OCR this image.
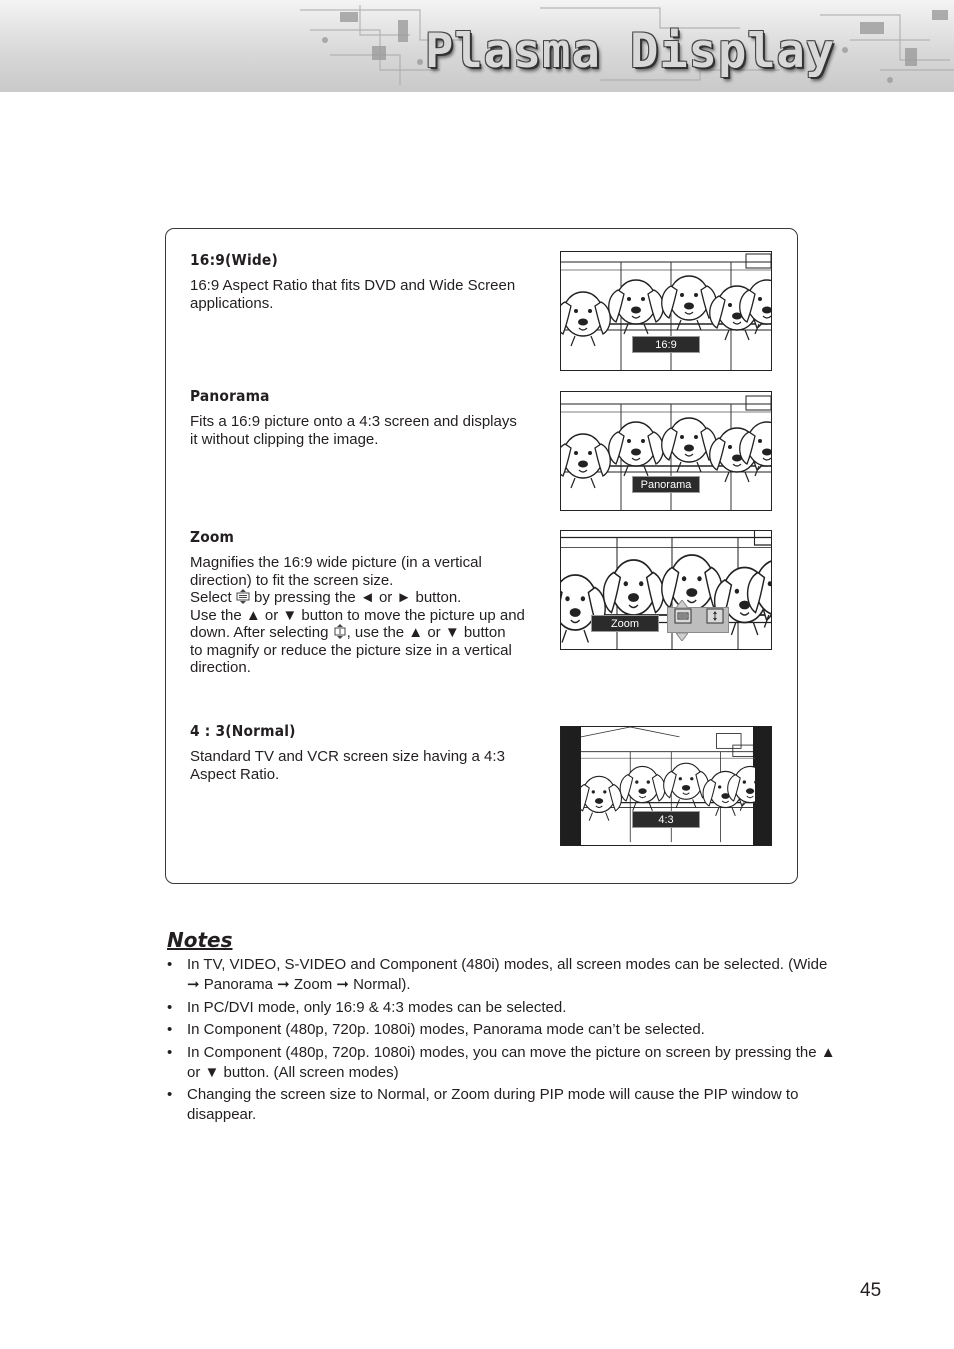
Plasma Display
16:9(Wide)

16:9 Aspect Ratio that fits DVD and Wide Screen
applications.

16:9
Panorama

Fits a 16:9 picture onto a 4:3 screen and displays
it without clipping the image.

Panorama
Zoom

Magnifies the 16:9 wide picture (in a vertical
direction) to fit the screen size.
Select by pressing the ◄ or ► button.
Use the ▲ or ▼ button to move the picture up and
down. After selecting , use the ▲ or ▼ button
to magnify or reduce the picture size in a vertical
direction.

Zoom
4 : 3(Normal)

Standard TV and VCR screen size having a 4:3
Aspect Ratio.

4:3
Notes
• In TV, VIDEO, S-VIDEO and Component (480i) modes, all screen modes can be selected. (Wide ➞ Panorama ➞ Zoom ➞ Normal).
• In PC/DVI mode, only 16:9 & 4:3 modes can be selected.
• In Component (480p, 720p. 1080i) modes, Panorama mode can’t be selected.
• In Component (480p, 720p. 1080i) modes, you can move the picture on screen by pressing the ▲ or ▼ button. (All screen modes)
• Changing the screen size to Normal, or Zoom during PIP mode will cause the PIP window to disappear.
45
